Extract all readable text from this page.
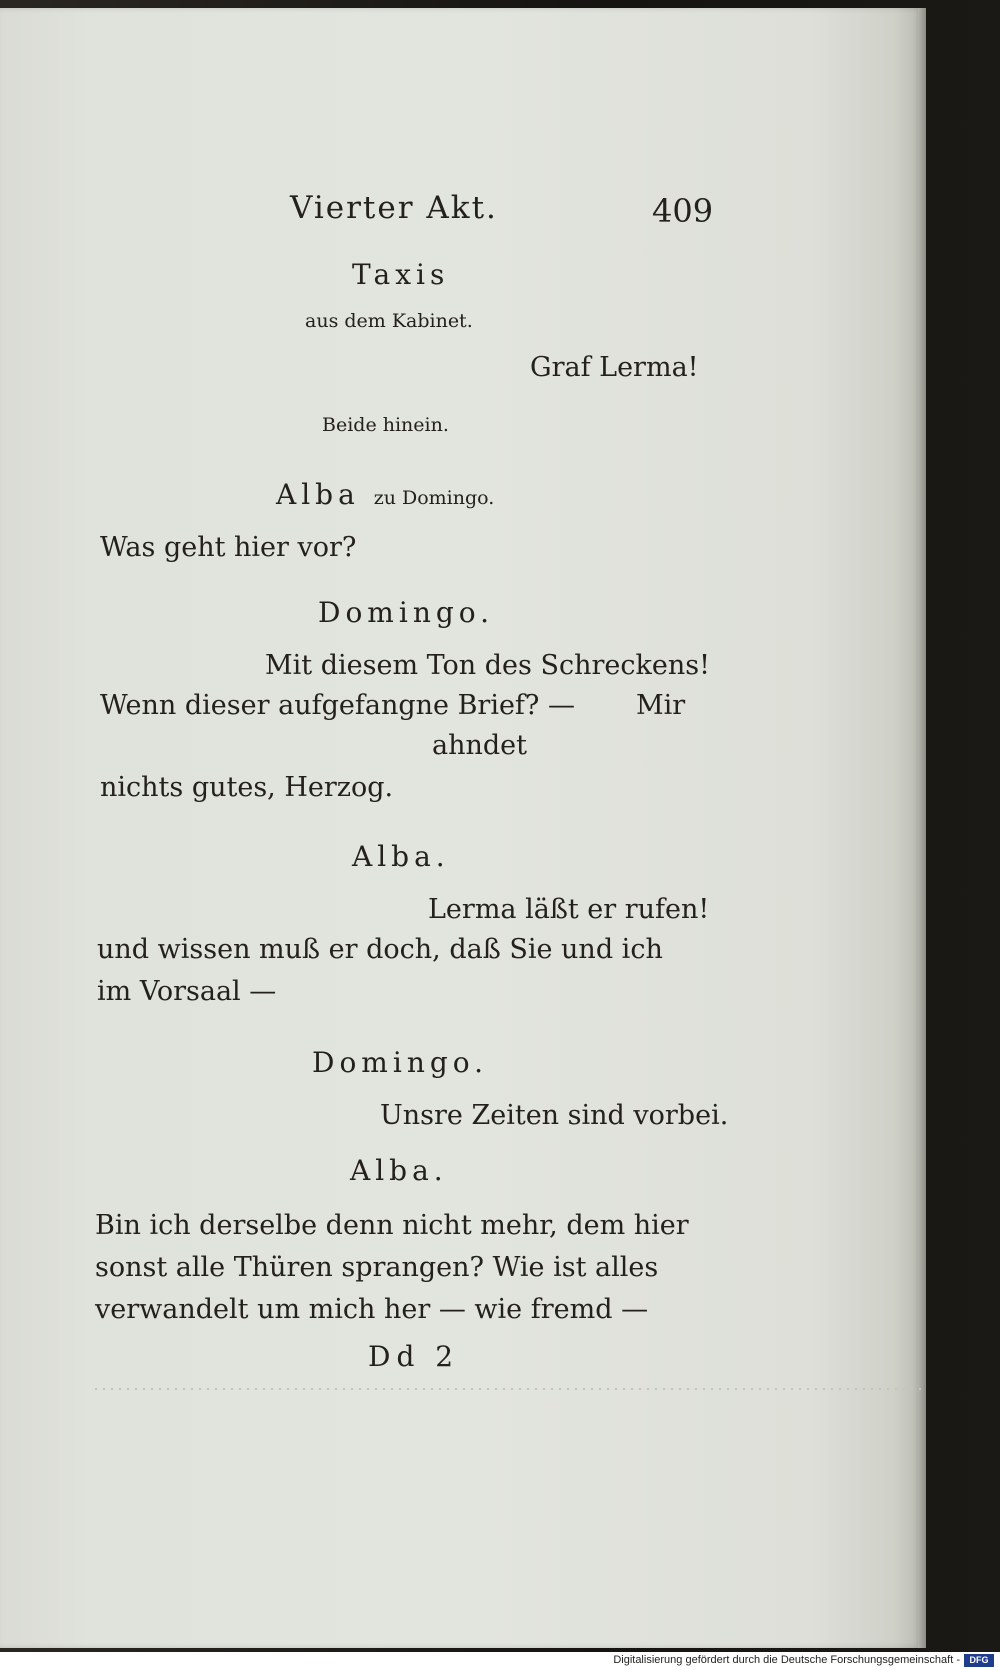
Vierter Akt.	409
Taxis
aus dem Kabinet.
Graf Lerma!
Beide hinein.
Alba zu Domingo.
Was geht hier vor?
Domingo.
Mit diesem Ton des Schreckens!
Wenn dieser aufgefangne Brief? — Mir
ahndet
nichts gutes, Herzog.
Alba.
Lerma läßt er rufen!
und wissen muß er doch, daß Sie und ich
im Vorsaal —
Domingo.
Unsre Zeiten sind vorbei.
Alba.
Bin ich derselbe denn nicht mehr, dem hier
sonst alle Thüren sprangen? Wie ist alles
verwandelt um mich her — wie fremd —
Dd 2
Digitalisierung gefördert durch die Deutsche Forschungsgemeinschaft -	DFG
